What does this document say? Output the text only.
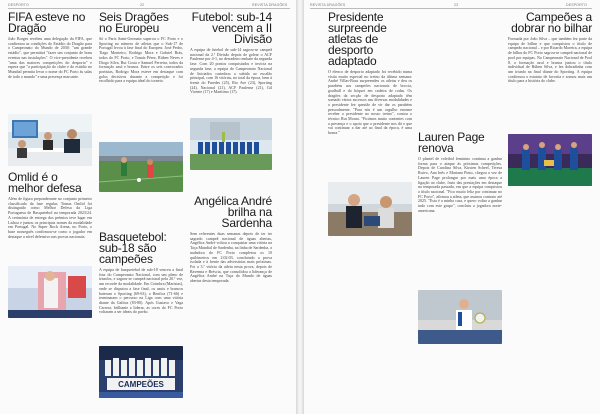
DESPORTO	22	REVISTA DRAGÕES
FIFA esteve no Dragão

João Borges recebeu uma delegação da FIFA, que confirmou as condições do Estádio do Dragão para o Campeonato do Mundo de 2030: "um grande estádio", que permitirá "fazer um conjunto de bons eventos nas instalações". O vice-presidente recebeu "uma das maiores competições do desporto" e espera que "a participação do clube e do estádio no Mundial permita levar o nome do FC Porto às salas de todo o mundo" e uma presença marcante.

Omlid é o melhor defesa

Além de figura preponderante no conjunto primeiro classificado da fase regular, Tomas Omlid foi distinguido como Melhor Defesa da Liga Portuguesa de Basquetebol na temporada 2023/24. A cerimónia de entrega dos prémios teve lugar em Lisboa e juntou os principais nomes da modalidade em Portugal. No Super Rock Arena, no Porto, o base norueguês confirmou-se como o jogador em destaque a nível defensivo nas provas nacionais.

Seis Dragões no Europeu

Só o Paris Saint-Germain superou o FC Porto e o Sporting no número de atletas que o Sub-17 de Portugal levou à fase final do Europeu: José Pedro, Tiago Monteiro, Rodrigo Mora e Gabriel Brás, todos do FC Porto, e Tomás Pérez, Rúben Neves e Diogo Silva, Rui Costa e Samuel Ferreira, todos da formação azul e branca. Entre os seis convocados portistas, Rodrigo Mora esteve em destaque com golos decisivos durante a competição e foi escolhido para a equipa ideal do torneio.

Basquetebol: sub-18 são campeões

A equipa de basquetebol de sub-18 venceu a final four do Campeonato Nacional, com um pleno de triunfos, e sagrou-se campeã nacional pela 20.ª vez, um recorde da modalidade. Em Coimbra (Maristas), onde se disputou a fase final, os azuis e brancos bateram o Sporting (69-63), o Benfica (71-66) e terminaram o percurso na Liga com uma vitória diante da Galitos (83-80). Após Gustavo e Vaga Carrera, brilhante a liderar, as cores do FC Porto voltaram a ser ideais do pavão.

CAMPEÕES
Futebol: sub-14 vencem a II Divisão

A equipa de futebol de sub-14 sagrou-se campeã nacional da 2.ª Divisão depois de golear o ACF Paulense por 4-1, no derradeiro embate da segunda fase. Com 20 pontos conquistados e invicta na segunda fase, a equipa do Campeonato Nacional de Iniciados carimbou a subida ao escalão principal, com 16 vitórias, no total da época, bem à frente do Paredes (25), Rio Ave (23), Sporting (24), Nacional (21), ACF Paulense (21), Gil Vicente (17) e Marítimo (17).

Angélica André brilha na Sardenha

Sem referentes duas semanas depois de ter ter sagrado campeã nacional de águas abertas, Angélica André voltou a conquistar uma vitória na Taça Mundial de Sardenha, na linha de Sardenha, a nadadora do FC Porto completou os 10 quilómetros em 2:02:03, concluindo a prova isolada e à frente das adversárias mais próximas. Foi a 3.ª vitória da atleta nesta prova, depois de Ravenna e Bréscia, que consolidou a liderança de Angélica André na Taça do Mundo de águas abertas desta temporada.

REVISTA DRAGÕES	23	DESPORTO
Presidente surpreende atletas de desporto adaptado

O elenco de desporto adaptado foi recebido numa visita muito especial no treino da última semana: André Villas-Boas surpreendeu os atletas e deu os parabéns aos campeões nacionais de boccia, goalball e do hóquei em cadeira de rodas. Os dragões da secção de desporto adaptado têm somado vários sucessos nas diversas modalidades e o presidente fez questão de vir dar os parabéns pessoalmente. "Para nós é um orgulho enorme receber o presidente no nosso treino", contou o técnico Rui Moura. "Ficámos muito contentes com a presença e o apoio que o presidente nos dá e que vai continuar a dar até ao final da época, é uma honra."	Lauren Page renova

O plantel de voleibol feminino continua a ganhar forma para o ataque às próximas competições. Depois de Carolina Silva, Kirsten Scheel, Teresa Ruivo, Ana Inês e Mariana Pinto, chegou a vez de Lauren Page prolongar por mais uma época a ligação ao clube, fruto das prestações em destaque na temporada passada, em que a equipa conquistou o título nacional. "Fico muito feliz por continuar no FC Porto", afirmou a atleta, que assinou contrato até 2025. "Esta é a minha casa, e quero voltar a ganhar tudo com este grupo", concluiu a jogadora norte-americana.

Campeões a dobrar no bilhar

Formada por João Silva – que também fez parte da equipa de bilhar e que conquistou o título de campeão nacional – e por Ricardo Moreira, a equipa de bilhar do FC Porto sagrou-se campeã nacional de pool por equipas. No Campeonato Nacional de Pool 8, a formação azul e branca juntou o título individual de Rúben Silva, e fez dobradinha com um triunfo na final diante do Sporting. A equipa confirmou o estatuto de favorita e somou mais um título para a história do clube.
